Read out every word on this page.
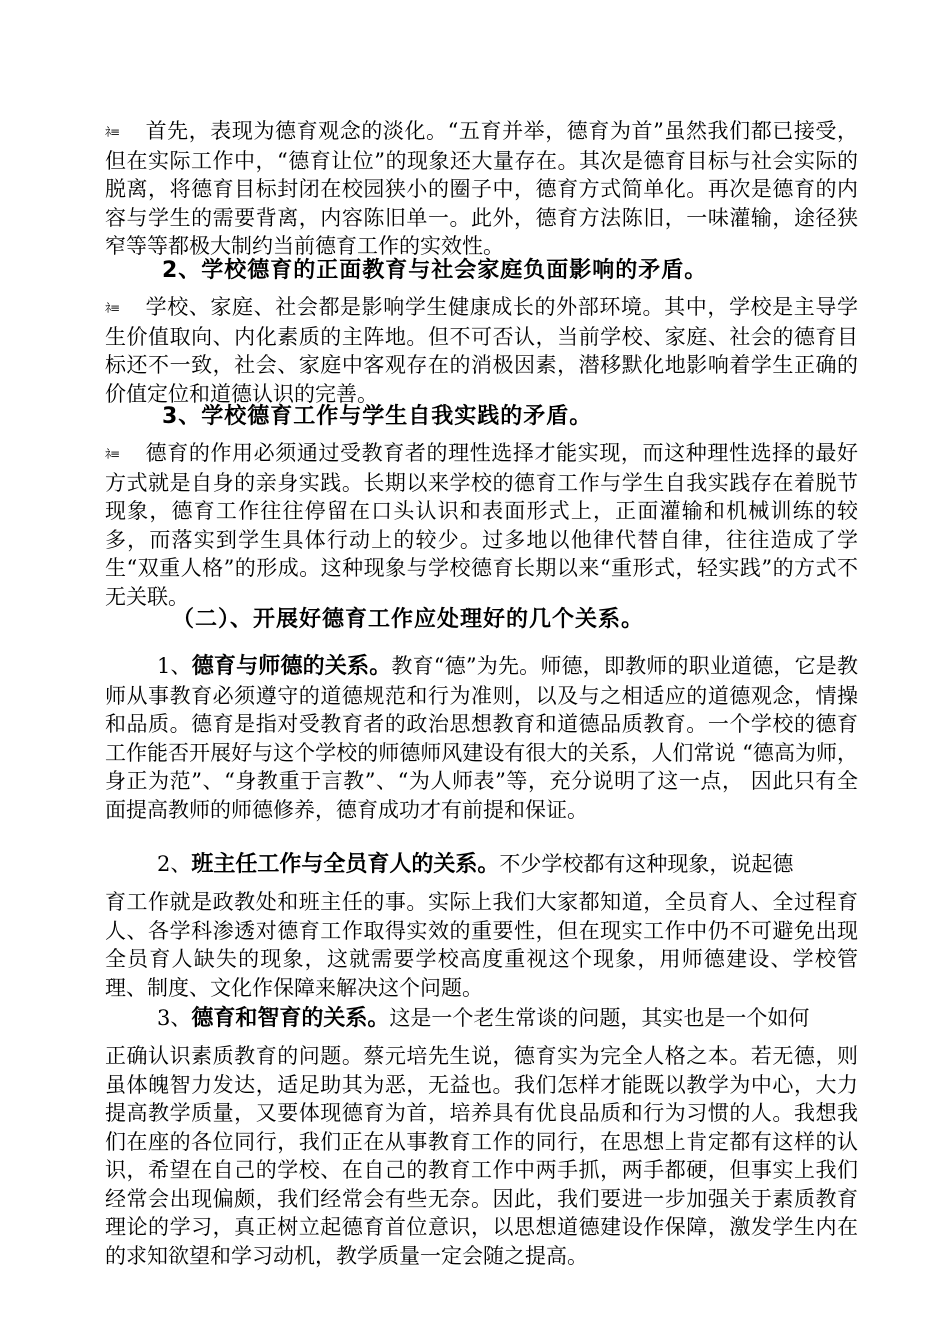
ﾈ≡ 首先，表现为德育观念的淡化。“五育并举，德育为首”虽然我们都已接受，但在实际工作中，“德育让位”的现象还大量存在。其次是德育目标与社会实际的脱离，将德育目标封闭在校园狭小的圈子中，德育方式简单化。再次是德育的内容与学生的需要背离，内容陈旧单一。此外，德育方法陈旧，一味灌输，途径狭窄等等都极大制约当前德育工作的实效性。

2、学校德育的正面教育与社会家庭负面影响的矛盾。

ﾈ≡ 学校、家庭、社会都是影响学生健康成长的外部环境。其中，学校是主导学生价值取向、内化素质的主阵地。但不可否认，当前学校、家庭、社会的德育目标还不一致，社会、家庭中客观存在的消极因素，潜移默化地影响着学生正确的价值定位和道德认识的完善。

3、学校德育工作与学生自我实践的矛盾。

ﾈ≡ 德育的作用必须通过受教育者的理性选择才能实现，而这种理性选择的最好方式就是自身的亲身实践。长期以来学校的德育工作与学生自我实践存在着脱节现象，德育工作往往停留在口头认识和表面形式上，正面灌输和机械训练的较多，而落实到学生具体行动上的较少。过多地以他律代替自律，往往造成了学生“双重人格”的形成。这种现象与学校德育长期以来“重形式，轻实践”的方式不无关联。

（二）、开展好德育工作应处理好的几个关系。

1、德育与师德的关系。教育“德”为先。师德，即教师的职业道德，它是教师从事教育必须遵守的道德规范和行为准则，以及与之相适应的道德观念，情操和品质。德育是指对受教育者的政治思想教育和道德品质教育。一个学校的德育工作能否开展好与这个学校的师德师风建设有很大的关系，人们常说 “德高为师，身正为范”、“身教重于言教”、“为人师表”等，充分说明了这一点， 因此只有全面提高教师的师德修养，德育成功才有前提和保证。

2、班主任工作与全员育人的关系。不少学校都有这种现象，说起德

育工作就是政教处和班主任的事。实际上我们大家都知道，全员育人、全过程育人、各学科渗透对德育工作取得实效的重要性，但在现实工作中仍不可避免出现全员育人缺失的现象，这就需要学校高度重视这个现象，用师德建设、学校管理、制度、文化作保障来解决这个问题。

3、德育和智育的关系。这是一个老生常谈的问题，其实也是一个如何

正确认识素质教育的问题。蔡元培先生说，德育实为完全人格之本。若无德，则虽体魄智力发达，适足助其为恶，无益也。我们怎样才能既以教学为中心，大力提高教学质量，又要体现德育为首，培养具有优良品质和行为习惯的人。我想我们在座的各位同行，我们正在从事教育工作的同行，在思想上肯定都有这样的认识，希望在自己的学校、在自己的教育工作中两手抓，两手都硬，但事实上我们经常会出现偏颇，我们经常会有些无奈。因此，我们要进一步加强关于素质教育理论的学习，真正树立起德育首位意识，以思想道德建设作保障，激发学生内在的求知欲望和学习动机，教学质量一定会随之提高。
